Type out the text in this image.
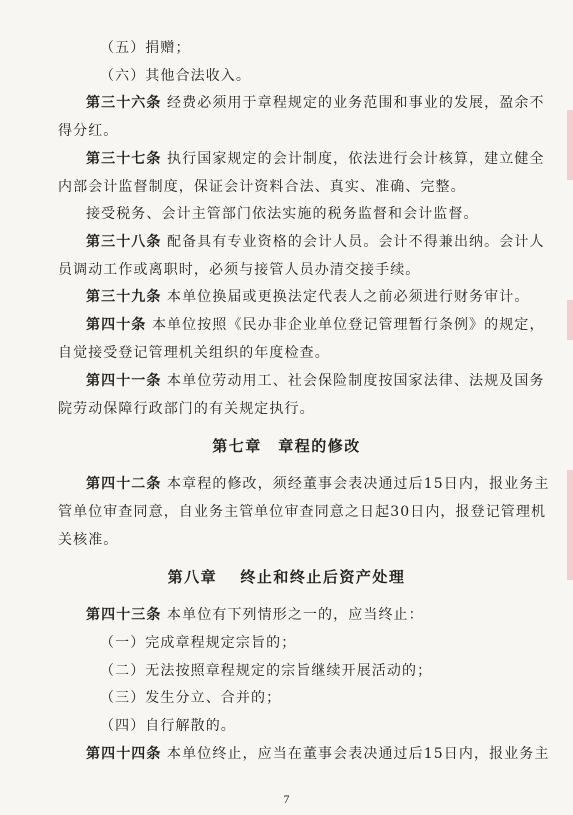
（五）捐赠；
（六）其他合法收入。
第三十六条 经费必须用于章程规定的业务范围和事业的发展，盈余不
得分红。
第三十七条 执行国家规定的会计制度，依法进行会计核算，建立健全
内部会计监督制度，保证会计资料合法、真实、准确、完整。
接受税务、会计主管部门依法实施的税务监督和会计监督。
第三十八条 配备具有专业资格的会计人员。会计不得兼出纳。会计人
员调动工作或离职时，必须与接管人员办清交接手续。
第三十九条 本单位换届或更换法定代表人之前必须进行财务审计。
第四十条 本单位按照《民办非企业单位登记管理暂行条例》的规定，
自觉接受登记管理机关组织的年度检查。
第四十一条 本单位劳动用工、社会保险制度按国家法律、法规及国务
院劳动保障行政部门的有关规定执行。
第七章　章程的修改
第四十二条 本章程的修改，须经董事会表决通过后15日内，报业务主
管单位审查同意，自业务主管单位审查同意之日起30日内，报登记管理机
关核准。
第八章　 终止和终止后资产处理
第四十三条 本单位有下列情形之一的，应当终止：
（一）完成章程规定宗旨的；
（二）无法按照章程规定的宗旨继续开展活动的；
（三）发生分立、合并的；
（四）自行解散的。
第四十四条 本单位终止，应当在董事会表决通过后15日内，报业务主
7
